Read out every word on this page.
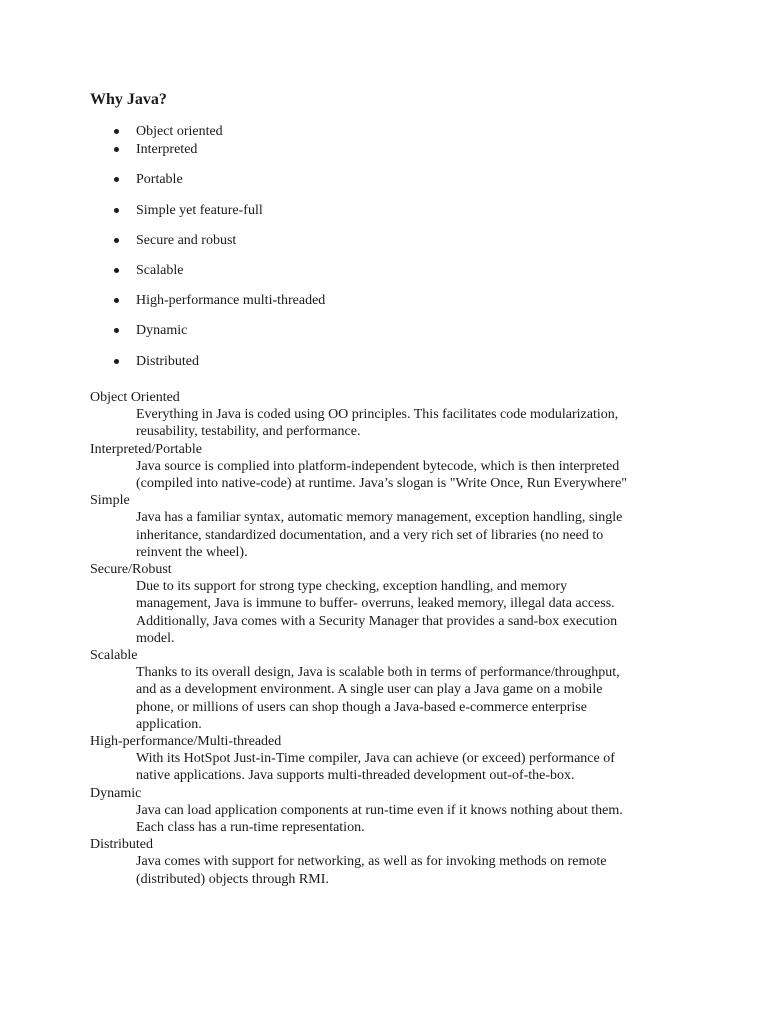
Why Java?
Object oriented
Interpreted
Portable
Simple yet feature-full
Secure and robust
Scalable
High-performance multi-threaded
Dynamic
Distributed
Object Oriented
Everything in Java is coded using OO principles. This facilitates code modularization,
reusability, testability, and performance.
Interpreted/Portable
Java source is complied into platform-independent bytecode, which is then interpreted
(compiled into native-code) at runtime. Java’s slogan is "Write Once, Run Everywhere"
Simple
Java has a familiar syntax, automatic memory management, exception handling, single
inheritance, standardized documentation, and a very rich set of libraries (no need to
reinvent the wheel).
Secure/Robust
Due to its support for strong type checking, exception handling, and memory
management, Java is immune to buffer- overruns, leaked memory, illegal data access.
Additionally, Java comes with a Security Manager that provides a sand-box execution
model.
Scalable
Thanks to its overall design, Java is scalable both in terms of performance/throughput,
and as a development environment. A single user can play a Java game on a mobile
phone, or millions of users can shop though a Java-based e-commerce enterprise
application.
High-performance/Multi-threaded
With its HotSpot Just-in-Time compiler, Java can achieve (or exceed) performance of
native applications. Java supports multi-threaded development out-of-the-box.
Dynamic
Java can load application components at run-time even if it knows nothing about them.
Each class has a run-time representation.
Distributed
Java comes with support for networking, as well as for invoking methods on remote
(distributed) objects through RMI.
